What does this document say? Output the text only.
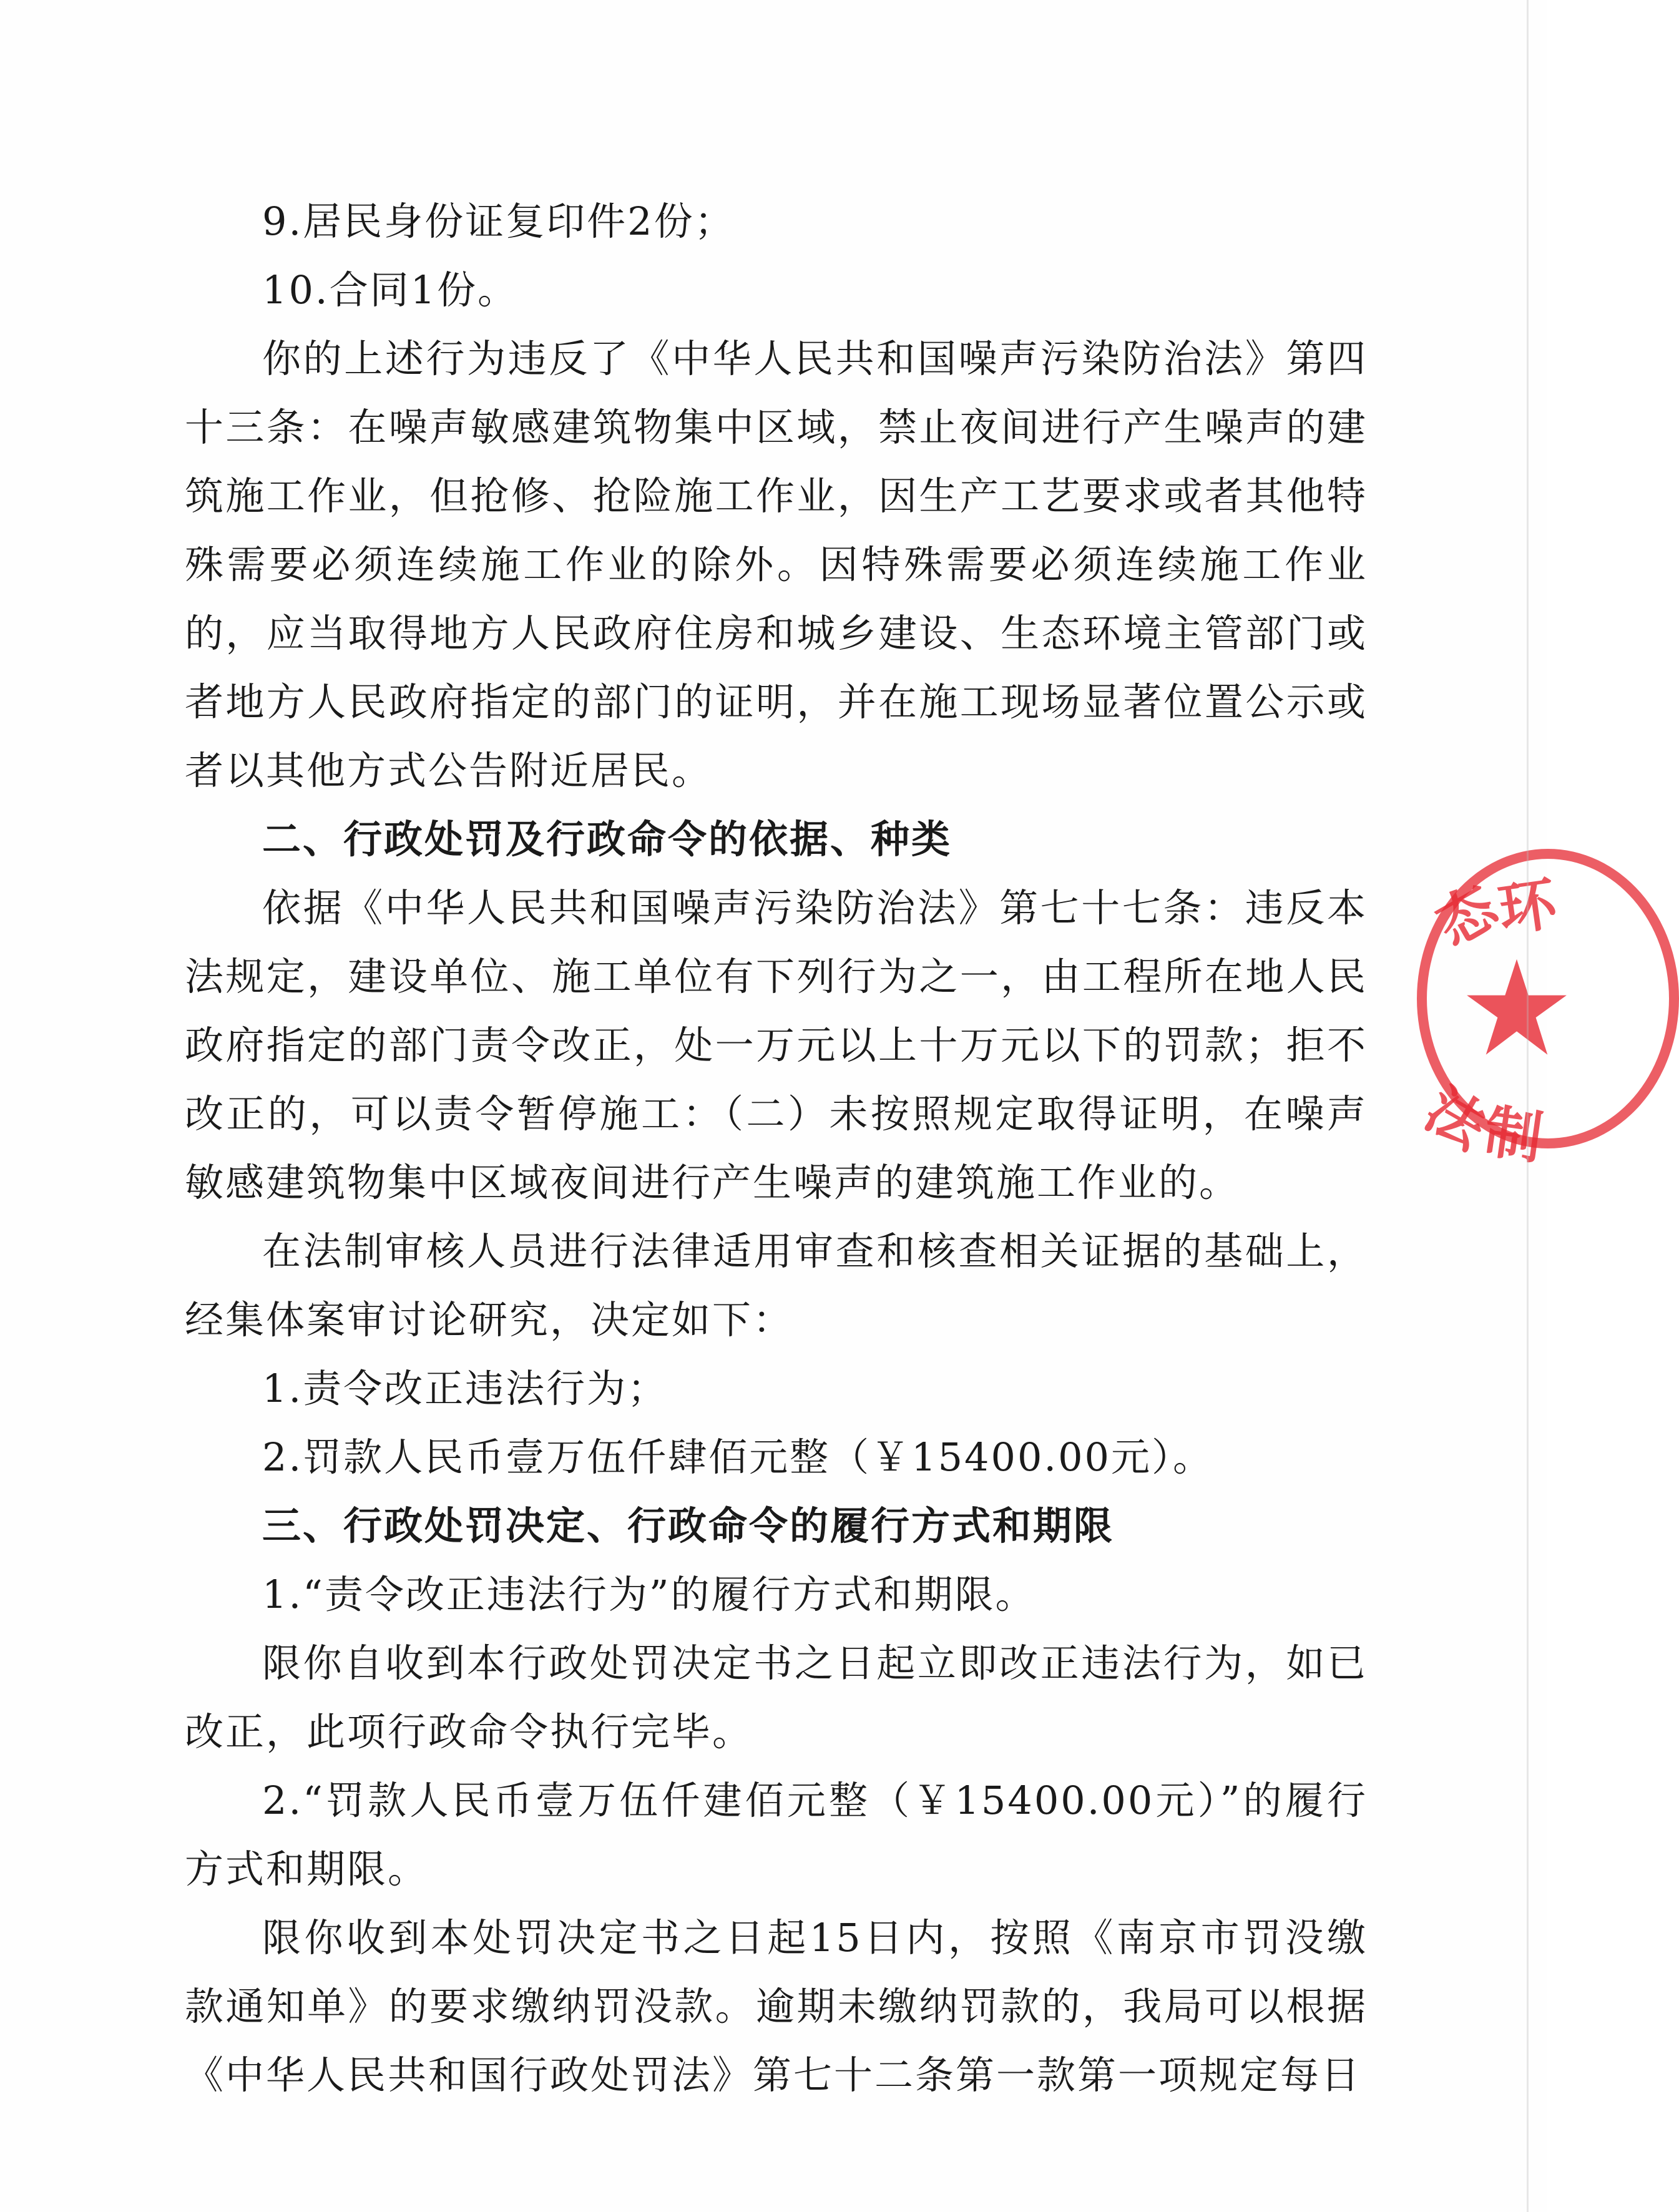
9.居民身份证复印件2份；

10.合同1份。

你的上述行为违反了《中华人民共和国噪声污染防治法》第四十三条：在噪声敏感建筑物集中区域，禁止夜间进行产生噪声的建筑施工作业，但抢修、抢险施工作业，因生产工艺要求或者其他特殊需要必须连续施工作业的除外。因特殊需要必须连续施工作业的，应当取得地方人民政府住房和城乡建设、生态环境主管部门或者地方人民政府指定的部门的证明，并在施工现场显著位置公示或者以其他方式公告附近居民。

二、行政处罚及行政命令的依据、种类

依据《中华人民共和国噪声污染防治法》第七十七条：违反本法规定，建设单位、施工单位有下列行为之一，由工程所在地人民政府指定的部门责令改正，处一万元以上十万元以下的罚款；拒不改正的，可以责令暂停施工：（二）未按照规定取得证明，在噪声敏感建筑物集中区域夜间进行产生噪声的建筑施工作业的。

在法制审核人员进行法律适用审查和核查相关证据的基础上，经集体案审讨论研究，决定如下：

1.责令改正违法行为；

2.罚款人民币壹万伍仟肆佰元整（￥15400.00元）。

三、行政处罚决定、行政命令的履行方式和期限

1.“责令改正违法行为”的履行方式和期限。

限你自收到本行政处罚决定书之日起立即改正违法行为，如已改正，此项行政命令执行完毕。

2.“罚款人民币壹万伍仟建佰元整（￥15400.00元）”的履行方式和期限。

限你收到本处罚决定书之日起15日内，按照《南京市罚没缴款通知单》的要求缴纳罚没款。逾期未缴纳罚款的，我局可以根据《中华人民共和国行政处罚法》第七十二条第一款第一项规定每日

态
环
法
制
